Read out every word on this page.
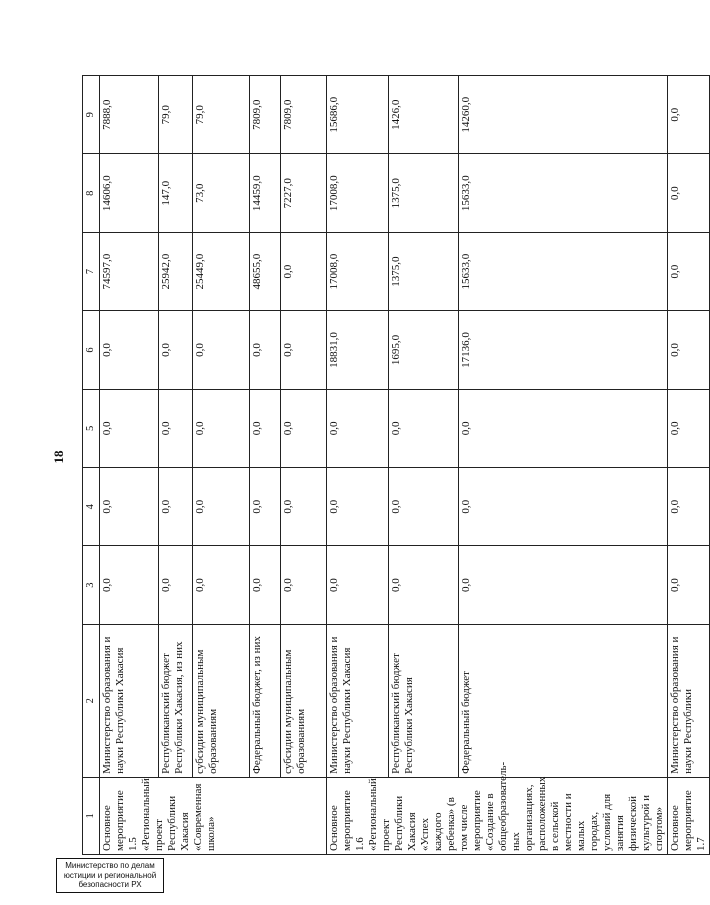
18
1	2	3	4	5	6	7	8	9
Основное мероприятие 1.5 «Региональный проект Республики Хакасия «Современная школа»	Министерство образования и науки Республики Хакасия	0,0	0,0	0,0	0,0	74597,0	14606,0	7888,0
	Республиканский бюджет Республики Хакасия, из них	0,0	0,0	0,0	0,0	25942,0	147,0	79,0
	субсидии муниципальным образованиям	0,0	0,0	0,0	0,0	25449,0	73,0	79,0
	Федеральный бюджет, из них	0,0	0,0	0,0	0,0	48655,0	14459,0	7809,0
	субсидии муниципальным образованиям	0,0	0,0	0,0	0,0	0,0	7227,0	7809,0
Основное мероприятие 1.6 «Региональный проект Республики Хакасия «Успех каждого ребенка» (в том числе мероприятие «Создание в общеобразователь-ных организациях, расположенных в сельской местности и малых городах, условий для занятия физической культурой и спортом»	Министерство образования и науки Республики Хакасия	0,0	0,0	0,0	18831,0	17008,0	17008,0	15686,0
	Республиканский бюджет Республики Хакасия	0,0	0,0	0,0	1695,0	1375,0	1375,0	1426,0
	Федеральный бюджет	0,0	0,0	0,0	17136,0	15633,0	15633,0	14260,0
Основное мероприятие 1.7	Министерство образования и науки Республики	0,0	0,0	0,0	0,0	0,0	0,0	0,0
Министерство по делам
юстиции и региональной
безопасности РХ
